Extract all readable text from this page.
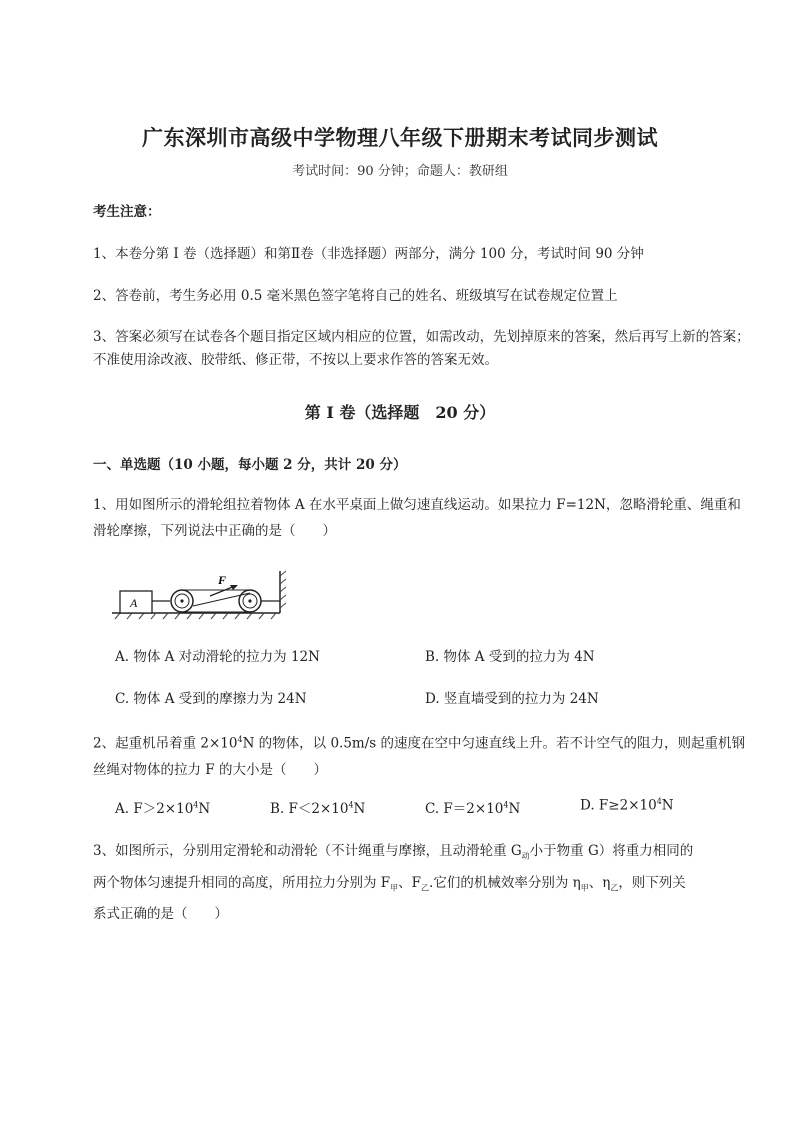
广东深圳市高级中学物理八年级下册期末考试同步测试
考试时间：90 分钟；命题人：教研组
考生注意：
1、本卷分第 I 卷（选择题）和第Ⅱ卷（非选择题）两部分，满分 100 分，考试时间 90 分钟
2、答卷前，考生务必用 0.5 毫米黑色签字笔将自己的姓名、班级填写在试卷规定位置上
3、答案必须写在试卷各个题目指定区域内相应的位置，如需改动，先划掉原来的答案，然后再写上新的答案；不准使用涂改液、胶带纸、修正带，不按以上要求作答的答案无效。
第 I 卷（选择题　20 分）
一、单选题（10 小题，每小题 2 分，共计 20 分）
1、用如图所示的滑轮组拉着物体 A 在水平桌面上做匀速直线运动。如果拉力 F=12N，忽略滑轮重、绳重和滑轮摩擦，下列说法中正确的是（　　）
A
F
A. 物体 A 对动滑轮的拉力为 12N	B. 物体 A 受到的拉力为 4N
C. 物体 A 受到的摩擦力为 24N	D. 竖直墙受到的拉力为 24N
2、起重机吊着重 $2\times 10^4N$ 的物体，以 0.5m/s 的速度在空中匀速直线上升。若不计空气的阻力，则起重机钢丝绳对物体的拉力 F 的大小是（　　）
A. $F>2\times 10^4N$	B. $F<2\times 10^4N$	C. $F=2\times 10^4N$	D. $F\ge 2\times 10^4N$
3、如图所示，分别用定滑轮和动滑轮（不计绳重与摩擦，且动滑轮重 $G_动$小于物重 G）将重力相同的
两个物体匀速提升相同的高度，所用拉力分别为 $F_甲$、$F_乙$.它们的机械效率分别为 $\eta_甲$、$\eta_乙$，则下列关
系式正确的是（　　）
